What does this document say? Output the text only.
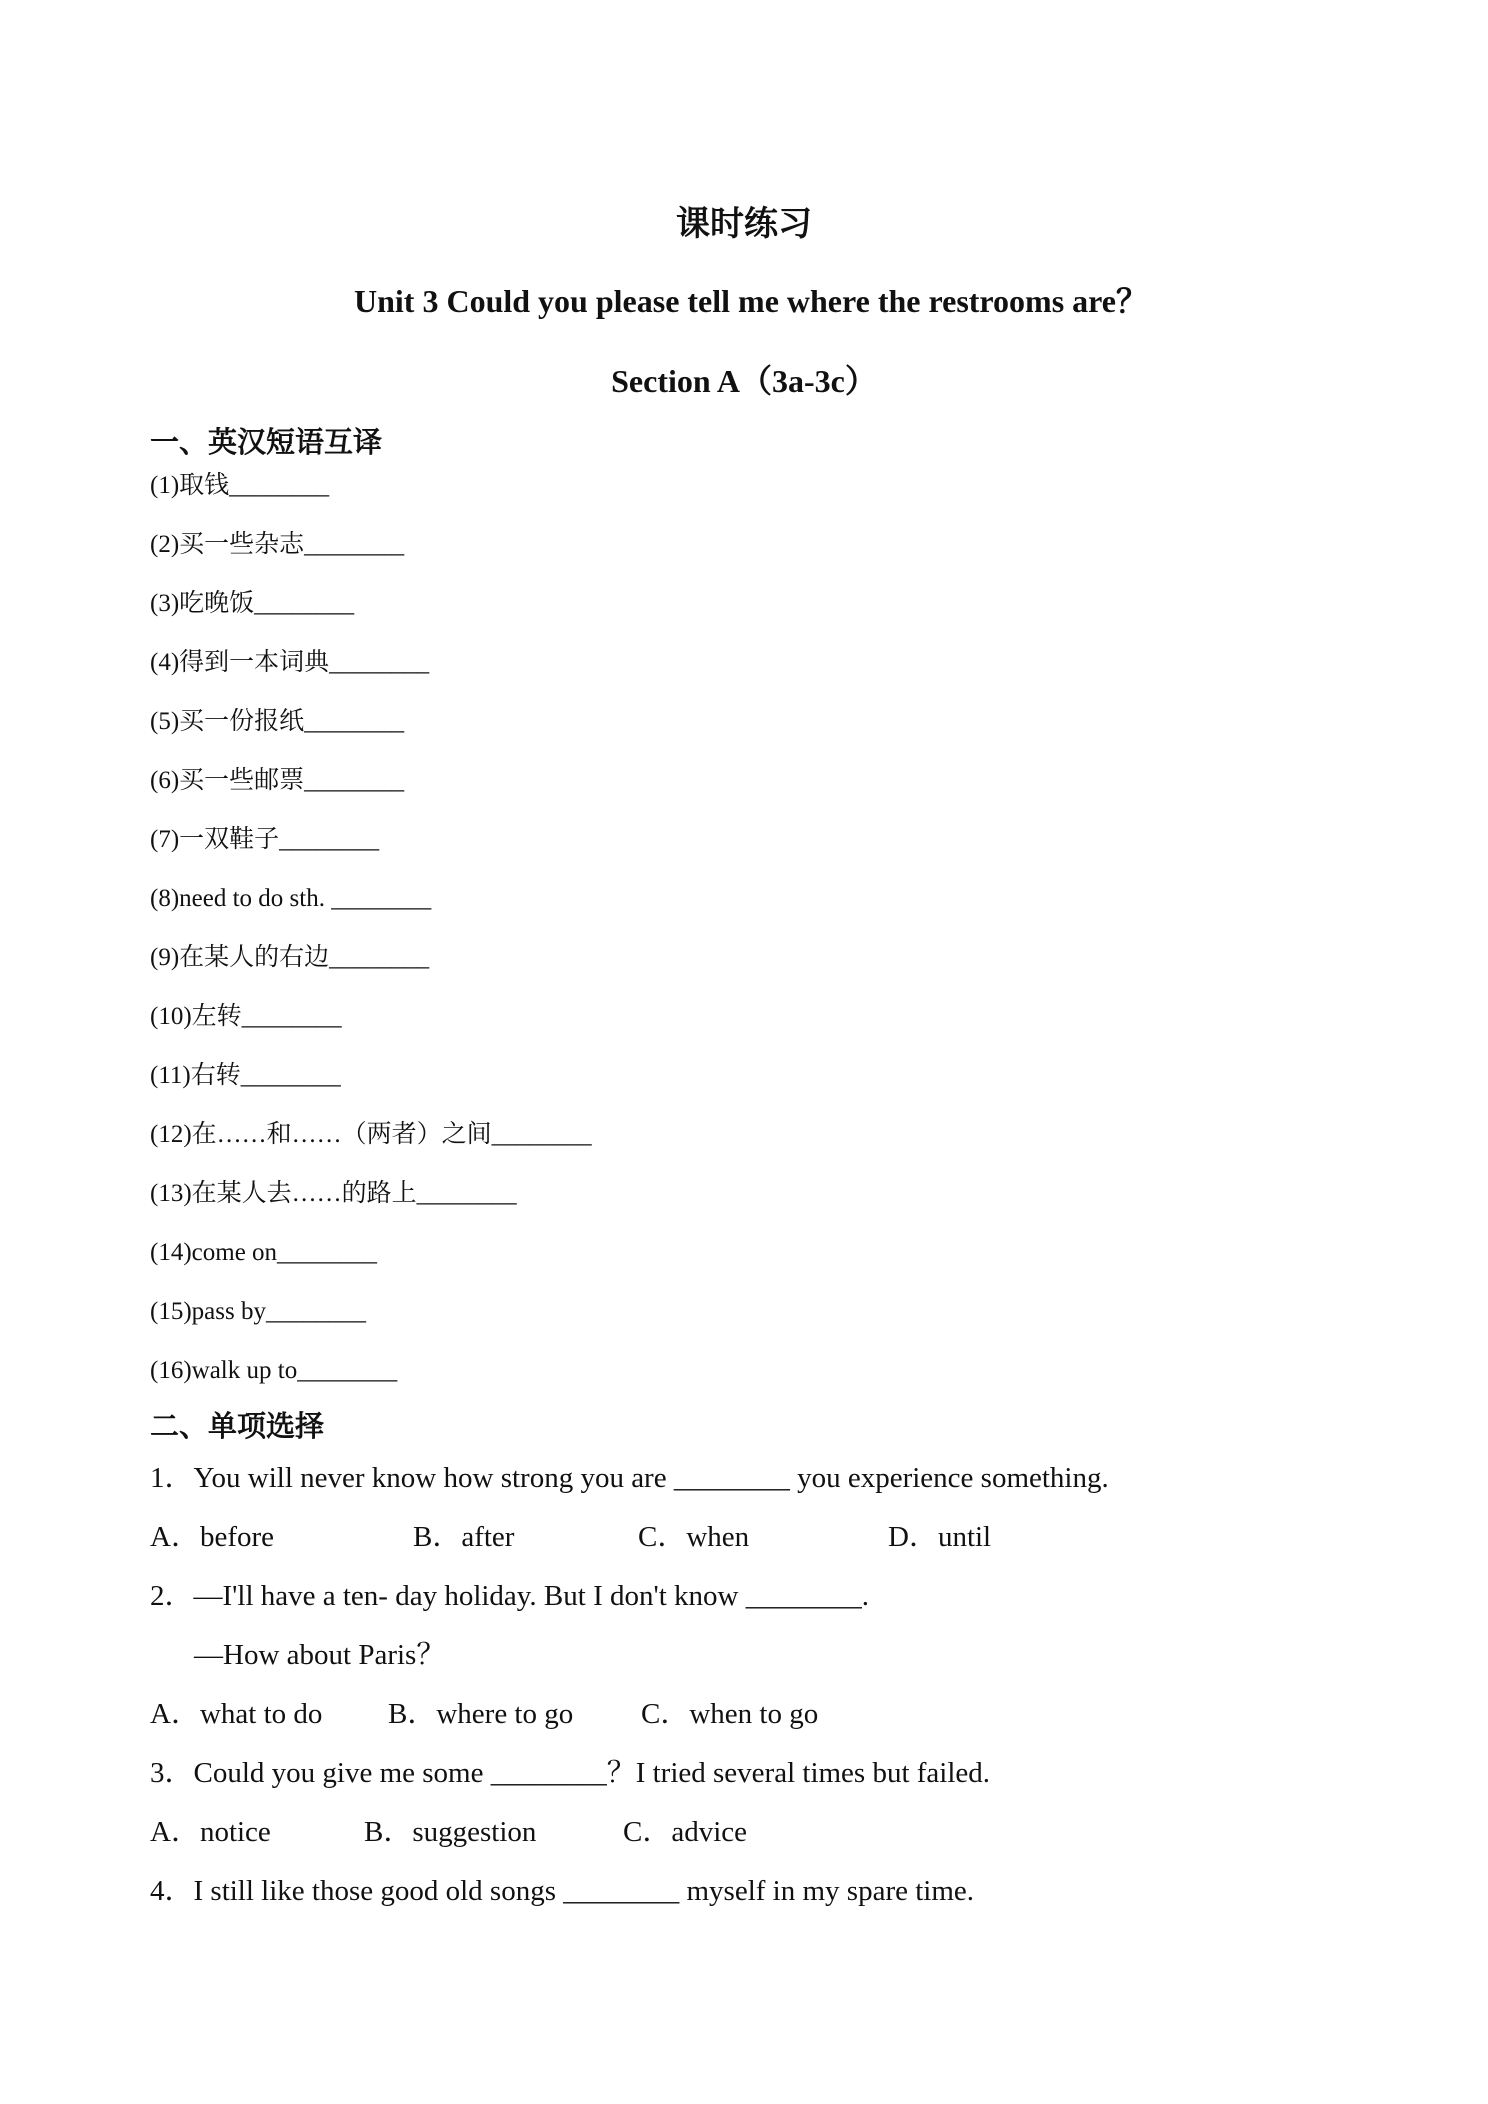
课时练习
Unit 3 Could you please tell me where the restrooms are？
Section A（3a-3c）
一、英汉短语互译
(1)取钱________
(2)买一些杂志________
(3)吃晚饭________
(4)得到一本词典________
(5)买一份报纸________
(6)买一些邮票________
(7)一双鞋子________
(8)need to do sth. ________
(9)在某人的右边________
(10)左转________
(11)右转________
(12)在……和……（两者）之间________
(13)在某人去……的路上________
(14)come on________
(15)pass by________
(16)walk up to________
二、单项选择
1．You will never know how strong you are ________ you experience something.
A．before	B．after	C．when	D．until
2．—I'll have a ten- day holiday. But I don't know ________.
—How about Paris？
A．what to do B．where to go C．when to go
3．Could you give me some ________？I tried several times but failed.
A．notice	B．suggestion	C．advice
4．I still like those good old songs ________ myself in my spare time.
